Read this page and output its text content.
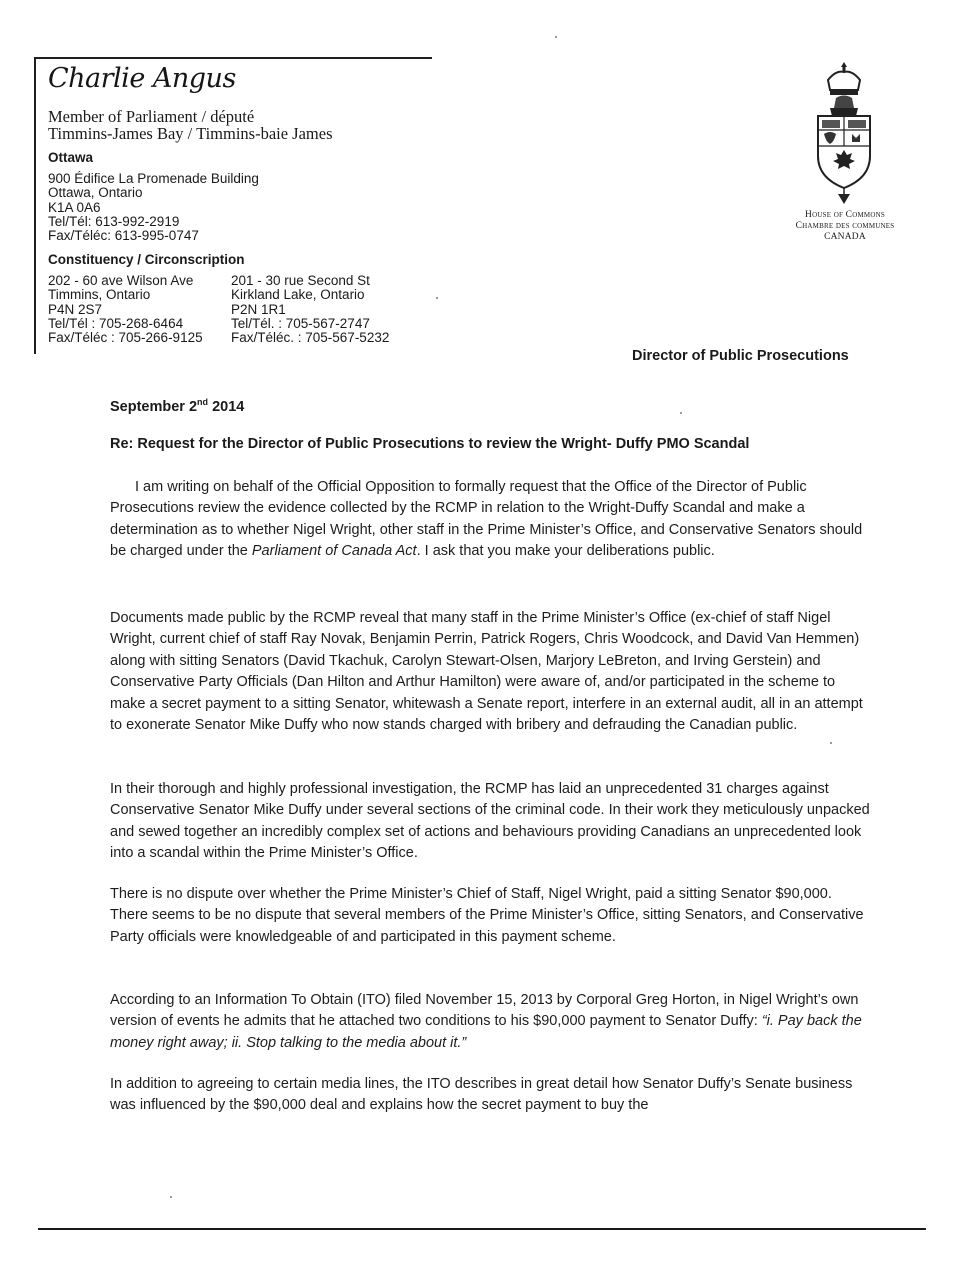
Charlie Angus
Member of Parliament / député
Timmins-James Bay / Timmins-baie James
Ottawa
900 Édifice La Promenade Building
Ottawa, Ontario
K1A 0A6
Tel/Tél: 613-992-2919
Fax/Téléc: 613-995-0747
Constituency / Circonscription
202 - 60 ave Wilson Ave
Timmins, Ontario
P4N 2S7
Tel/Tél : 705-268-6464
Fax/Téléc : 705-266-9125
201 - 30 rue Second St
Kirkland Lake, Ontario
P2N 1R1
Tel/Tél. : 705-567-2747
Fax/Téléc. : 705-567-5232
House of Commons
Chambre des communes
CANADA
Director of Public Prosecutions
September 2nd 2014
Re: Request for the Director of Public Prosecutions to review the Wright- Duffy PMO Scandal
I am writing on behalf of the Official Opposition to formally request that the Office of the Director of Public Prosecutions review the evidence collected by the RCMP in relation to the Wright-Duffy Scandal and make a determination as to whether Nigel Wright, other staff in the Prime Minister’s Office, and Conservative Senators should be charged under the Parliament of Canada Act. I ask that you make your deliberations public.
Documents made public by the RCMP reveal that many staff in the Prime Minister’s Office (ex-chief of staff Nigel Wright, current chief of staff Ray Novak, Benjamin Perrin, Patrick Rogers, Chris Woodcock, and David Van Hemmen) along with sitting Senators (David Tkachuk, Carolyn Stewart-Olsen, Marjory LeBreton, and Irving Gerstein) and Conservative Party Officials (Dan Hilton and Arthur Hamilton) were aware of, and/or participated in the scheme to make a secret payment to a sitting Senator, whitewash a Senate report, interfere in an external audit, all in an attempt to exonerate Senator Mike Duffy who now stands charged with bribery and defrauding the Canadian public.
In their thorough and highly professional investigation, the RCMP has laid an unprecedented 31 charges against Conservative Senator Mike Duffy under several sections of the criminal code. In their work they meticulously unpacked and sewed together an incredibly complex set of actions and behaviours providing Canadians an unprecedented look into a scandal within the Prime Minister’s Office.
There is no dispute over whether the Prime Minister’s Chief of Staff, Nigel Wright, paid a sitting Senator $90,000. There seems to be no dispute that several members of the Prime Minister’s Office, sitting Senators, and Conservative Party officials were knowledgeable of and participated in this payment scheme.
According to an Information To Obtain (ITO) filed November 15, 2013 by Corporal Greg Horton, in Nigel Wright’s own version of events he admits that he attached two conditions to his $90,000 payment to Senator Duffy: “i. Pay back the money right away; ii. Stop talking to the media about it.”
In addition to agreeing to certain media lines, the ITO describes in great detail how Senator Duffy’s Senate business was influenced by the $90,000 deal and explains how the secret payment to buy the
